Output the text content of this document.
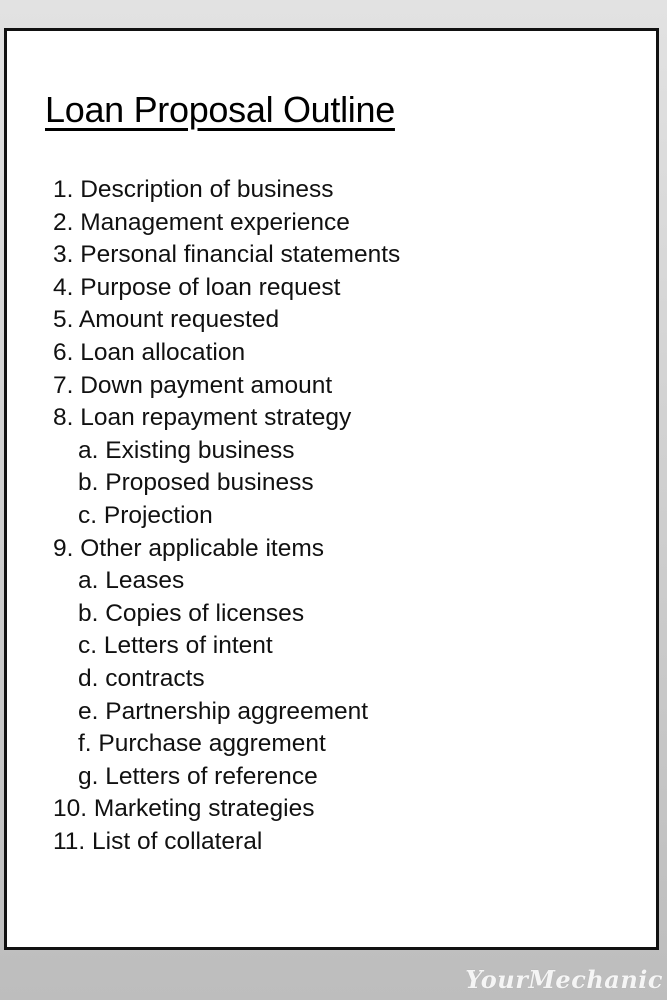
Loan Proposal Outline
1. Description of business
2. Management experience
3. Personal financial statements
4. Purpose of loan request
5. Amount requested
6. Loan allocation
7. Down payment amount
8. Loan repayment strategy
a. Existing business
b. Proposed business
c. Projection
9. Other applicable items
a. Leases
b. Copies of licenses
c. Letters of intent
d. contracts
e. Partnership aggreement
f. Purchase aggrement
g. Letters of reference
10. Marketing strategies
11. List of collateral
YourMechanic
